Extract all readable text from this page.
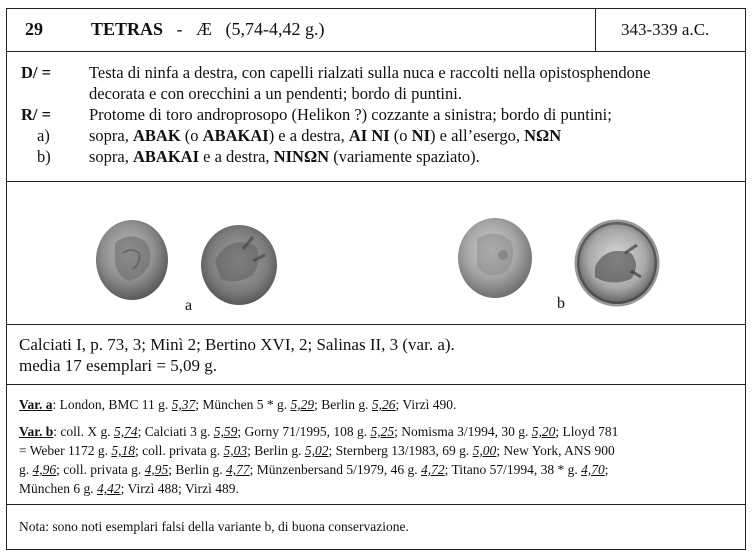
29	TETRAS - Æ (5,74-4,42 g.)	343-339 a.C.
D/ = Testa di ninfa a destra, con capelli rialzati sulla nuca e raccolti nella opistosphendone
decorata e con orecchini a un pendenti; bordo di puntini.
R/ = Protome di toro androprosopo (Helikon ?) cozzante a sinistra; bordo di puntini;
a) sopra, ABAK (o ABAKAI) e a destra, AI NI (o NI) e all’esergo, NΩN
b) sopra, ABAKAI e a destra, NINΩN (variamente spaziato).
a	b
Calciati I, p. 73, 3; Minì 2; Bertino XVI, 2; Salinas II, 3 (var. a).
media 17 esemplari = 5,09 g.
Var. a: London, BMC 11 g. 5,37; München 5 * g. 5,29; Berlin g. 5,26; Virzì 490.
Var. b: coll. X g. 5,74; Calciati 3 g. 5,59; Gorny 71/1995, 108 g. 5,25; Nomisma 3/1994, 30 g. 5,20; Lloyd 781
= Weber 1172 g. 5,18; coll. privata g. 5,03; Berlin g. 5,02; Sternberg 13/1983, 69 g. 5,00; New York, ANS 900
g. 4,96; coll. privata g. 4,95; Berlin g. 4,77; Münzenbersand 5/1979, 46 g. 4,72; Titano 57/1994, 38 * g. 4,70;
München 6 g. 4,42; Virzì 488; Virzì 489.
Nota: sono noti esemplari falsi della variante b, di buona conservazione.
